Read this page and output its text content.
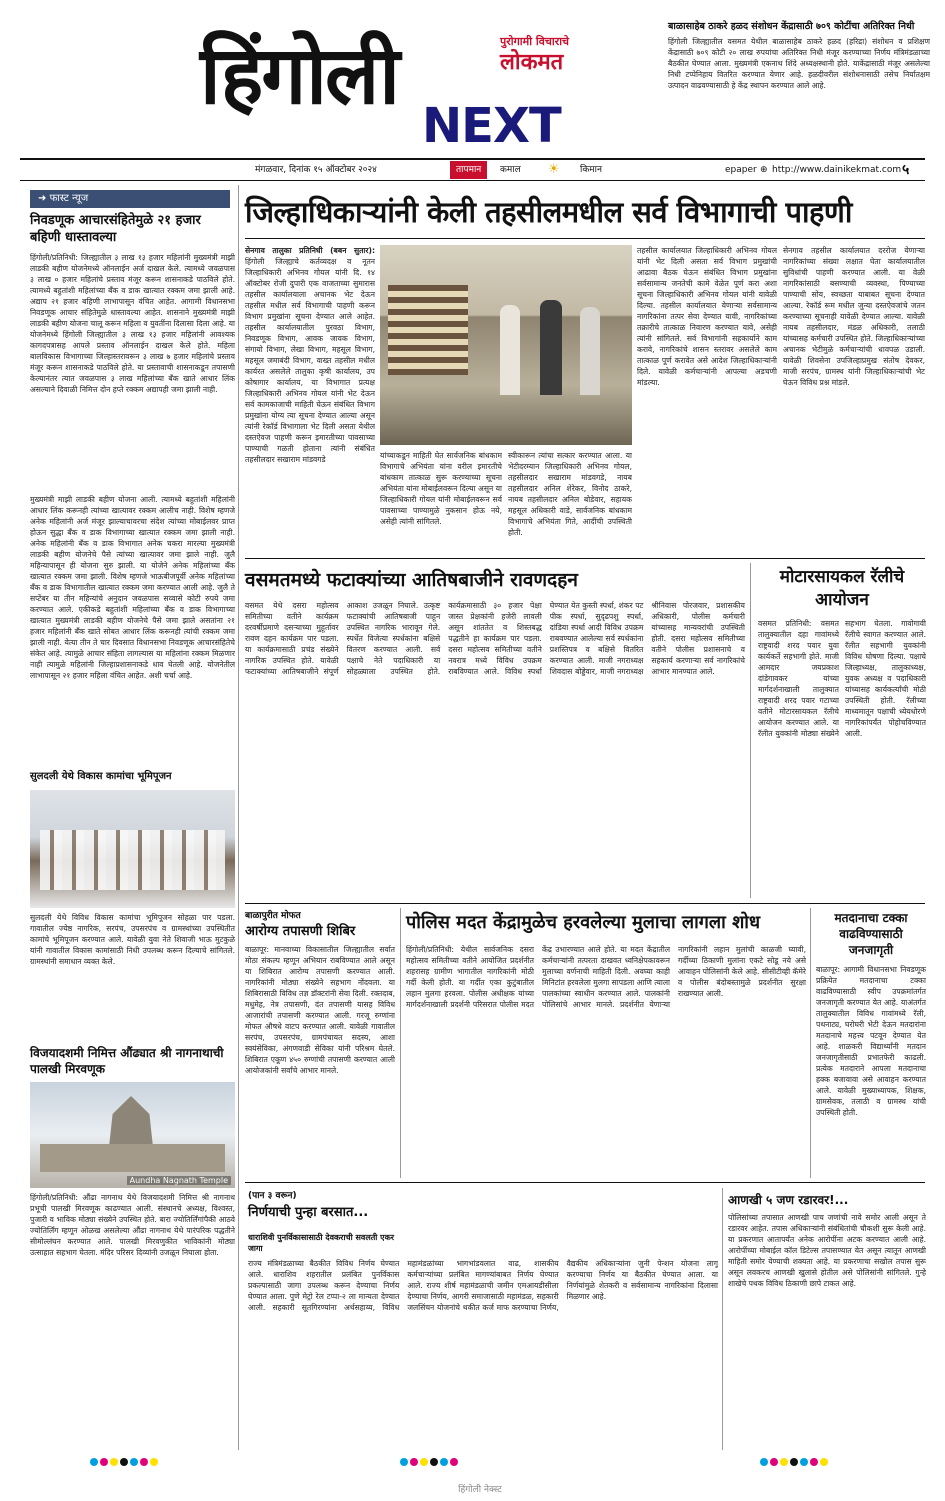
हिंगोली	पुरोगामी विचाराचे
लोकमत
NEXT
बाळासाहेब ठाकरे हळद संशोधन केंद्रासाठी ७०९ कोटींचा अतिरिक्त निधी
हिंगोली जिल्ह्यातील वसमत येथील बाळासाहेब ठाकरे हळद (हरिद्रा) संशोधन व प्रशिक्षण केंद्रासाठी ७०९ कोटी २० लाख रुपयांचा अतिरिक्त निधी मंजूर करण्याच्या निर्णय मंत्रिमंडळाच्या बैठकीत घेण्यात आला. मुख्यमंत्री एकनाथ शिंदे अध्यक्षस्थानी होते. याकेंद्रासाठी मंजूर असलेल्या निधी टप्पेनिहाय वितरित करण्यात येणार आहे. हळदीवरील संशोधनासाठी तसेच निर्यातक्षम उत्पादन वाढवण्यासाठी हे केंद्र स्थापन करण्यात आले आहे.
मंगळवार, दिनांक १५ ऑक्टोबर २०२४	तापमान	कमाल ☀ किमान	epaper ⊕ http://www.dainikekmat.com ५
➜ फास्ट न्यूज
निवडणूक आचारसंहितेमुळे २१ हजार बहिणी धास्तावल्या
हिंगोली/प्रतिनिधी: जिल्ह्यातील ३ लाख १३ हजार महिलांनी मुख्यमंत्री माझी लाडकी बहीण योजनेमध्ये ऑनलाईन अर्ज दाखल केले. त्यामध्ये जवळपास ३ लाख ० हजार महिलांचे प्रस्ताव मंजूर करून शासनाकडे पाठविले होते. त्यामध्ये बहुतांशी महिलांच्या बँक व डाक खात्यात रक्कम जमा झाली आहे. अद्याप २१ हजार बहिणी लाभापासून वंचित आहेत. आगामी विधानसभा निवडणूक आचार संहितेमुळे धास्तावल्या आहेत. शासनाने मुख्यमंत्री माझी लाडकी बहीण योजना चालू करून महिला व युवतींना दिलासा दिला आहे. या योजनेमध्ये हिंगोली जिल्ह्यातील ३ लाख १३ हजार महिलांनी आवश्यक कागदपत्रासह आपले प्रस्ताव ऑनलाईन दाखल केले होते. महिला बालविकास विभागाच्या जिल्हास्तरावरून ३ लाख ७ हजार महिलांचे प्रस्ताव मंजूर करून शासनाकडे पाठविले होते. या प्रस्तावाची शासनाकडून तपासणी केल्यानंतर त्यात जवळपास ३ लाख महिलांच्या बँक खाते आधार लिंक असल्याने दिवाळी निमित्त दोन हप्ते रक्कम अद्यापही जमा झाली नाही.
मुख्यमंत्री माझी लाडकी बहीण योजना आली. त्यामध्ये बहुतांशी महिलांनी आधार लिंक करूनही त्यांच्या खात्यावर रक्कम आलीच नाही. विशेष म्हणजे अनेक महिलांनी अर्ज मंजूर झाल्याचावरचा संदेश त्यांच्या मोबाईलवर प्राप्त होऊन सुद्धा बँक व डाक विभागाच्या खात्यात रक्कम जमा झाली नाही. अनेक महिलांनी बँक व डाक विभागात अनेक चकरा मारल्या मुख्यमंत्री लाडकी बहीण योजनेचे पैसे त्यांच्या खात्यावर जमा झाले नाही. जुलै महिन्यापासून ही योजना सुरु झाली. या योजेने अनेक महिलांच्या बँक खात्यात रक्कम जमा झाली. विशेष म्हणजे भाऊबीजपूर्वी अनेक महिलांच्या बँक व डाक विभागातील खात्यात रक्कम जमा करण्यात आली आहे. जुलै ते सप्टेंबर या तीन महिन्यांचे अनुदान जवळपास सव्वासे कोटी रुपये जमा करण्यात आले. एकीकडे बहुतांशी महिलांच्या बँक व डाक विभागाच्या खात्यात मुख्यमंत्री लाडकी बहीण योजनेचे पैसे जमा झाले असतांना २१ हजार महिलांनी बँक खाते सोबत आधार लिंक करूनही त्यांची रक्कम जमा झाली नाही. येत्या तीन ते चार दिवसात विधानसभा निवडणूक आचारसंहितेचे संकेत आहे. त्यामुळे आचार संहिता लागल्यास या महिलांना रक्कम मिळणार नाही त्यामुळे महिलांनी जिल्हाप्रशासनाकडे धाव घेतली आहे. योजनेतील लाभापासून २१ हजार महिला वंचित आहेत. अशी चर्चा आहे.
सुलदली येथे विकास कामांचा भूमिपूजन
सुलदली येथे विविध विकास कामांचा भूमिपूजन सोहळा पार पडला. गावातील ज्येष्ठ नागरिक, सरपंच, उपसरपंच व ग्रामस्थांच्या उपस्थितीत कामांचे भूमिपूजन करण्यात आले. यावेळी युवा नेते शिवाजी भाऊ मुटकुळे यांनी गावातील विकास कामांसाठी निधी उपलब्ध करून दिल्याचे सांगितले. ग्रामस्थांनी समाधान व्यक्त केले.
विजयादशमी निमित्त औंढ्यात श्री नागनाथाची पालखी मिरवणूक
Aundha Nagnath Temple
हिंगोली/प्रतिनिधी: औंढा नागनाथ येथे विजयादशमी निमित्त श्री नागनाथ प्रभूची पालखी मिरवणूक काढण्यात आली. संस्थानचे अध्यक्ष, विश्वस्त, पुजारी व भाविक मोठ्या संख्येने उपस्थित होते. बारा ज्योतिर्लिंगांपैकी आठवे ज्योतिर्लिंग म्हणून ओळख असलेल्या औंढा नागनाथ येथे पारंपरिक पद्धतीने सीमोल्लंघन करण्यात आले. पालखी मिरवणुकीत भाविकांनी मोठ्या उत्साहात सहभाग घेतला. मंदिर परिसर दिव्यांनी उजळून निघाला होता.
जिल्हाधिकाऱ्यांनी केली तहसीलमधील सर्व विभागाची पाहणी
सेनगाव तालुका प्रतिनिधी (बबन सुतार): हिंगोली जिल्ह्याचे कर्तव्यदक्ष व नूतन जिल्हाधिकारी अभिनव गोयल यांनी दि. १४ ऑक्टोबर रोजी दुपारी एक वाजताच्या सुमारास तहसील कार्यालयाला अचानक भेट देऊन तहसील मधील सर्व विभागाची पाहणी करून विभाग प्रमुखांना सूचना देण्यात आले आहेत. तहसील कार्यालयातील पुरवठा विभाग, निवडणूक विभाग, आवक जावक विभाग, संगायो विभाग, लेखा विभाग, महसूल विभाग, महसूल जमाबंदी विभाग, वाख्त तहसील मधील कार्यरत असलेले तालुका कृषी कार्यालय, उप कोषागार कार्यालय, या विभागात प्रत्यक्ष जिल्हाधिकारी अभिनव गोयल यांनी भेट देऊन सर्व कामकाजाची माहिती घेऊन संबंधित विभाग प्रमुखांना योग्य त्या सूचना देण्यात आल्या असून त्यांनी रेकॉर्ड विभागाला भेट दिली असता येथील दस्तऐवज पाहणी करून इमारतीच्या पावसाच्या पाण्याची गळती होताना त्यांनी संबंधित तहसीलदार सखाराम मांडवगडे	यांच्याकडून माहिती घेत सार्वजनिक बांधकाम विभागाचे अभियंता यांना वरील इमारतीचे बांधकाम तात्काळ सुरू करण्याच्या सूचना अभियंता यांना मोबाईलवरून दिल्या असून या जिल्हाधिकारी गोयल यांनी मोबाईलवरून सर्व पावसाच्या पाण्यामुळे नुकसान होऊ नये, असेही त्यांनी सांगितले.
स्वीकारून त्यांचा सत्कार करण्यात आला. या भेटीदरम्यान जिल्हाधिकारी अभिनव गोयल, तहसीलदार सखाराम मांडवगडे, नायब तहसीलदार अनिल शेरेकर, विनोद ठाकरे, नायब तहसीलदार अनिल बोडेवार, सहायक महसूल अधिकारी वाडे, सार्वजनिक बांधकाम विभागाचे अभियंता गिते, आदींची उपस्थिती होती.
तहसील कार्यालयात जिल्हाधिकारी अभिनव गोयल यांनी भेट दिली असता सर्व विभाग प्रमुखांची आढावा बैठक घेऊन संबंधित विभाग प्रमुखांना सर्वसामान्य जनतेची कामे वेळेत पूर्ण करा अशा सूचना जिल्हाधिकारी अभिनव गोयल यांनी यावेळी दिल्या. तहसील कार्यालयात येणाऱ्या सर्वसामान्य नागरिकांना तत्पर सेवा देण्यात यावी, नागरिकांच्या तक्रारीचे तात्काळ निवारण करण्यात यावे, असेही त्यांनी सांगितले. सर्व विभागांनी सहकार्याने काम करावे, नागरिकांचे शासन स्तरावर असलेले काम तात्काळ पूर्ण करावेत असे आदेश जिल्हाधिकाऱ्यांनी दिले. यावेळी कर्मचाऱ्यांनी आपल्या अडचणी मांडल्या.
सेनगाव तहसील कार्यालयात दररोज येणाऱ्या नागरिकांच्या संख्या लक्षात घेता कार्यालयातील सुविधांची पाहणी करण्यात आली. या वेळी नागरिकांसाठी बसण्याची व्यवस्था, पिण्याच्या पाण्याची सोय, स्वच्छता याबाबत सूचना देण्यात आल्या. रेकॉर्ड रूम मधील जुन्या दस्तऐवजांचे जतन करण्याच्या सूचनाही यावेळी देण्यात आल्या. यावेळी नायब तहसीलदार, मंडळ अधिकारी, तलाठी यांच्यासह कर्मचारी उपस्थित होते. जिल्हाधिकाऱ्यांच्या अचानक भेटीमुळे कर्मचाऱ्यांची धावपळ उडाली. यावेळी शिवसेना उपजिल्हाप्रमुख संतोष देवकर, माजी सरपंच, ग्रामस्थ यांनी जिल्हाधिकाऱ्यांची भेट घेऊन विविध प्रश्न मांडले.
वसमतमध्ये फटाक्यांच्या आतिषबाजीने रावणदहन
वसमत येथे दसरा महोत्सव समितीच्या वतीने कार्यक्रम दरवर्षीप्रमाणे दसऱ्याच्या मुहूर्तावर रावण दहन कार्यक्रम पार पडला. या कार्यक्रमासाठी प्रचंड संख्येने नागरिक उपस्थित होते. यावेळी फटाक्यांच्या आतिषबाजीने संपूर्ण आकाश उजळून निघाले. उत्कृष्ट फटाक्यांची आतिषबाजी पाहून उपस्थित नागरिक भारावून गेले. स्पर्धेत विजेत्या स्पर्धकांना बक्षिसे वितरण करण्यात आली. सर्व पक्षाचे नेते पदाधिकारी या सोहळ्याला उपस्थित होते. कार्यक्रमासाठी ३० हजार पेक्षा जास्त प्रेक्षकांनी हजेरी लावली असून शांततेत व शिस्तबद्ध पद्धतीने हा कार्यक्रम पार पडला. दसरा महोत्सव समितीच्या वतीने नवरात्र मध्ये विविध उपक्रम राबविण्यात आले. विविध स्पर्धा घेण्यात येत कुस्ती स्पर्धा, शंकर पट पीक स्पर्धा, सुदृढपशु स्पर्धा, दांडिया स्पर्धा आदी विविध उपक्रम राबवण्यात आलेल्या सर्व स्पर्धकांना प्रशस्तिपत्र व बक्षिसे वितरित करण्यात आली. माजी नगराध्यक्ष शिवदास बोड्डेवार, माजी नगराध्यक्ष श्रीनिवास पोरजवार, प्रशासकीय अधिकारी, पोलीस कर्मचारी यांच्यासह मान्यवरांची उपस्थिती होती. दसरा महोत्सव समितीच्या वतीने पोलीस प्रशासनाचे व सहकार्य करणाऱ्या सर्व नागरिकांचे आभार मानण्यात आले.
मोटारसायकल रॅलीचे आयोजन
वसमत प्रतिनिधी: वसमत तालुक्यातील दहा गावांमध्ये राष्ट्रवादी शरद पवार युवा कार्यकर्ते सहभागी होते. माजी आमदार जयप्रकाश दांडेगावकर यांच्या मार्गदर्शनाखाली तालुक्यात राष्ट्रवादी शरद पवार गटाच्या वतीने मोटारसायकल रॅलीचे आयोजन करण्यात आले. या रॅलीत युवकांनी मोठ्या संख्येने सहभाग घेतला. गावोगावी रॅलीचे स्वागत करण्यात आले. रॅलीत सहभागी युवकांनी विविध घोषणा दिल्या. पक्षाचे जिल्हाध्यक्ष, तालुकाध्यक्ष, युवक अध्यक्ष व पदाधिकारी यांच्यासह कार्यकर्त्यांची मोठी उपस्थिती होती. रॅलीच्या माध्यमातून पक्षाची ध्येयधोरणे नागरिकांपर्यंत पोहोचविण्यात आली.
बाळापुरीत मोफत
आरोग्य तपासणी शिबिर
बाळापूर: मानवाच्या विकासातील जिल्ह्यातील सर्वात मोठा संकल्प म्हणून अभियान राबविण्यात आले असून या शिबिरात आरोग्य तपासणी करण्यात आली. नागरिकांनी मोठ्या संख्येने सहभाग नोंदवला. या शिबिरासाठी विविध तज्ञ डॉक्टरांनी सेवा दिली. रक्तदाब, मधुमेह, नेत्र तपासणी, दंत तपासणी यासह विविध आजारांची तपासणी करण्यात आली. गरजू रुग्णांना मोफत औषधे वाटप करण्यात आली. यावेळी गावातील सरपंच, उपसरपंच, ग्रामपंचायत सदस्य, आशा स्वयंसेविका, अंगणवाडी सेविका यांनी परिश्रम घेतले. शिबिरात एकूण ४५० रुग्णांची तपासणी करण्यात आली आयोजकांनी सर्वांचे आभार मानले.
पोलिस मदत केंद्रामुळेच हरवलेल्या मुलाचा लागला शोध
हिंगोली/प्रतिनिधी: येथील सार्वजनिक दसरा महोत्सव समितीच्या वतीने आयोजित प्रदर्शनीत शहरासह ग्रामीण भागातील नागरिकांनी मोठी गर्दी केली होती. या गर्दीत एका कुटुंबातील लहान मुलगा हरवला. पोलीस अधीक्षक यांच्या मार्गदर्शनाखाली प्रदर्शनी परिसरात पोलीस मदत केंद्र उभारण्यात आले होते. या मदत केंद्रातील कर्मचाऱ्यांनी तत्परता दाखवत ध्वनिक्षेपकावरून मुलाच्या वर्णनाची माहिती दिली. अवघ्या काही मिनिटांत हरवलेला मुलगा सापडला आणि त्याला पालकांच्या स्वाधीन करण्यात आले. पालकांनी पोलिसांचे आभार मानले. प्रदर्शनीत येणाऱ्या नागरिकांनी लहान मुलांची काळजी घ्यावी, गर्दीच्या ठिकाणी मुलांना एकटे सोडू नये असे आवाहन पोलिसांनी केले आहे. सीसीटीव्ही कॅमेरे व पोलीस बंदोबस्तामुळे प्रदर्शनीत सुरक्षा राखण्यात आली.
मतदानाचा टक्का वाढविण्यासाठी जनजागृती
बाळापूर: आगामी विधानसभा निवडणूक प्रक्रियेत मतदानाचा टक्का वाढविण्यासाठी स्वीप उपक्रमांतर्गत जनजागृती करण्यात येत आहे. याअंतर्गत तालुक्यातील विविध गावांमध्ये रॅली, पथनाट्य, घरोघरी भेटी देऊन मतदारांना मतदानाचे महत्त्व पटवून देण्यात येत आहे. शाळकरी विद्यार्थ्यांनी मतदान जनजागृतीसाठी प्रभातफेरी काढली. प्रत्येक मतदाराने आपला मतदानाचा हक्क बजावावा असे आवाहन करण्यात आले. यावेळी मुख्याध्यापक, शिक्षक, ग्रामसेवक, तलाठी व ग्रामस्थ यांची उपस्थिती होती.
(पान ३ वरून)
निर्णयाची पुन्हा बरसात...
धाराशिवी पुनर्विकासासाठी देवकराची सवलती एकर जागा
राज्य मंत्रिमंडळाच्या बैठकीत विविध निर्णय घेण्यात आले. धाराशिव शहरातील प्रलंबित पुनर्विकास प्रकल्पासाठी जागा उपलब्ध करून देण्याचा निर्णय घेण्यात आला. पुणे मेट्रो रेल टप्पा-२ ला मान्यता देण्यात आली. सहकारी सूतगिरण्यांना अर्थसहाय्य, विविध महामंडळांच्या भागभांडवलात वाढ, शासकीय कर्मचाऱ्यांच्या प्रलंबित मागण्यांबाबत निर्णय घेण्यात आले. राज्य शीर्ष महामंडळाची जमीन एमआयडीसीला देण्याचा निर्णय, आगरी समाजासाठी महामंडळ, सहकारी जलसिंचन योजनांचे थकीत कर्ज माफ करण्याचा निर्णय, वैद्यकीय अधिकाऱ्यांना जुनी पेन्शन योजना लागू करण्याचा निर्णय या बैठकीत घेण्यात आला. या निर्णयांमुळे शेतकरी व सर्वसामान्य नागरिकांना दिलासा मिळणार आहे.
आणखी ५ जण रडारवर!...
पोलिसांच्या तपासात आणखी पाच जणांची नावे समोर आली असून ते रडारवर आहेत. तपास अधिकाऱ्यांनी संबंधितांची चौकशी सुरू केली आहे. या प्रकरणात आतापर्यंत अनेक आरोपींना अटक करण्यात आली आहे. आरोपींच्या मोबाईल कॉल डिटेल्स तपासण्यात येत असून त्यातून आणखी माहिती समोर येण्याची शक्यता आहे. या प्रकरणाचा सखोल तपास सुरू असून लवकरच आणखी खुलासे होतील असे पोलिसांनी सांगितले. गुन्हे शाखेचे पथक विविध ठिकाणी छापे टाकत आहे.
हिंगोली नेक्स्ट
